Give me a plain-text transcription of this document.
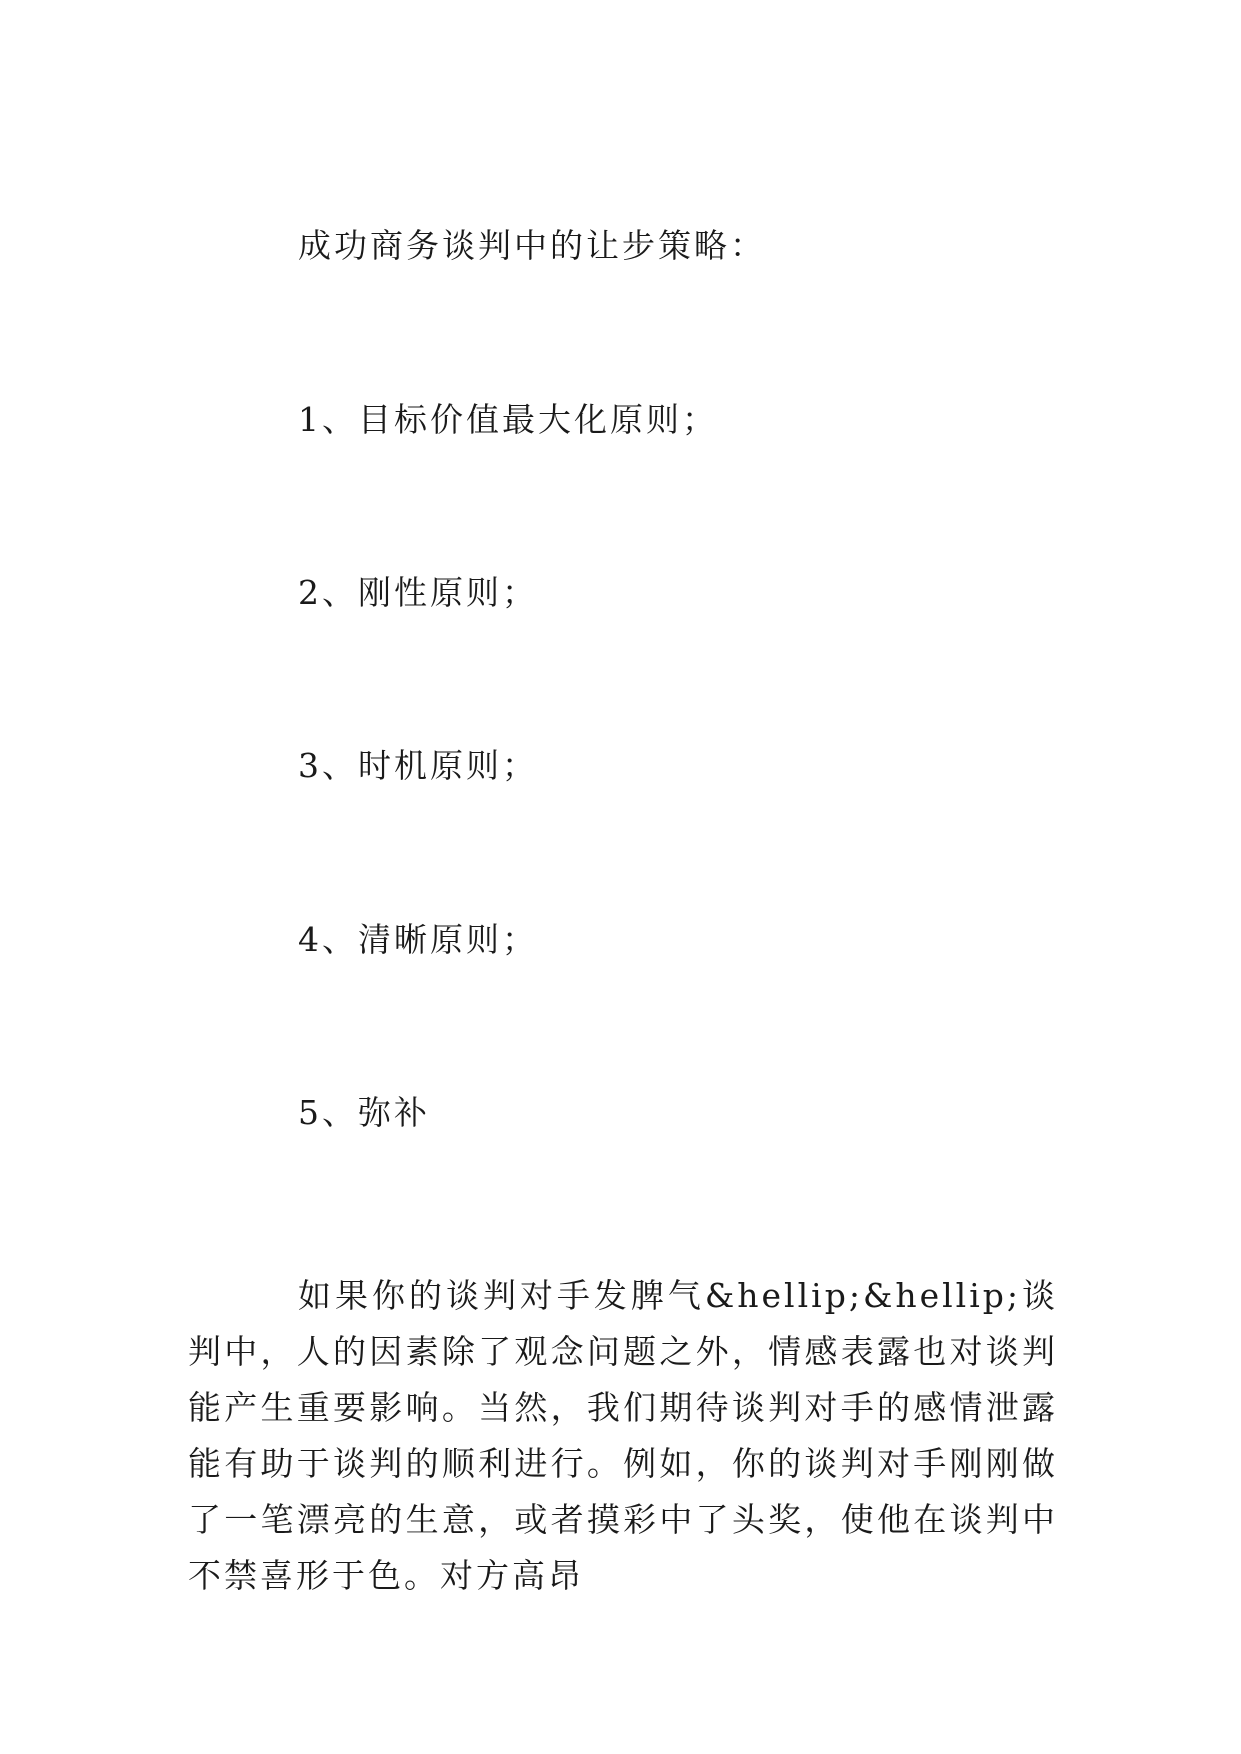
成功商务谈判中的让步策略：
1、目标价值最大化原则；
2、刚性原则；
3、时机原则；
4、清晰原则；
5、弥补
如果你的谈判对手发脾气&hellip;&hellip;谈判中，人的因素除了观念问题之外，情感表露也对谈判能产生重要影响。当然，我们期待谈判对手的感情泄露能有助于谈判的顺利进行。例如，你的谈判对手刚刚做了一笔漂亮的生意，或者摸彩中了头奖，使他在谈判中不禁喜形于色。对方高昂
